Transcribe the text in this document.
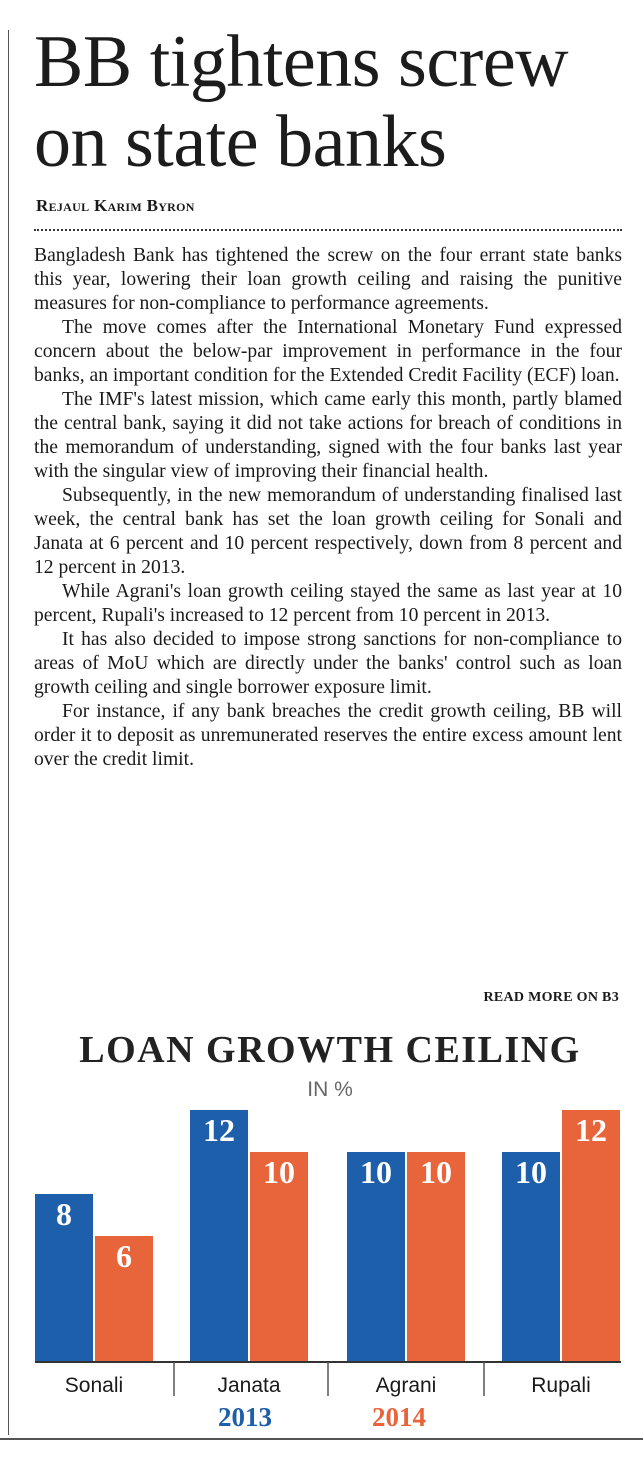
BB tightens screw on state banks

Rejaul Karim Byron

Bangladesh Bank has tightened the screw on the four errant state banks this year, lowering their loan growth ceiling and raising the punitive measures for non-compliance to performance agreements.

The move comes after the International Monetary Fund expressed concern about the below-par improvement in performance in the four banks, an important condition for the Extended Credit Facility (ECF) loan.

The IMF's latest mission, which came early this month, partly blamed the central bank, saying it did not take actions for breach of conditions in the memorandum of understanding, signed with the four banks last year with the singular view of improving their financial health.

Subsequently, in the new memorandum of understanding finalised last week, the central bank has set the loan growth ceiling for Sonali and Janata at 6 percent and 10 percent respectively, down from 8 percent and 12 percent in 2013.

While Agrani's loan growth ceiling stayed the same as last year at 10 percent, Rupali's increased to 12 percent from 10 percent in 2013.

It has also decided to impose strong sanctions for non-compliance to areas of MoU which are directly under the banks' control such as loan growth ceiling and single borrower exposure limit.

For instance, if any bank breaches the credit growth ceiling, BB will order it to deposit as unremunerated reserves the entire excess amount lent over the credit limit.

READ MORE ON B3

LOAN GROWTH CEILING
IN %
8
6
Sonali
12
10
Janata
10 10
Agrani
10
12
Rupali
2013	2014
